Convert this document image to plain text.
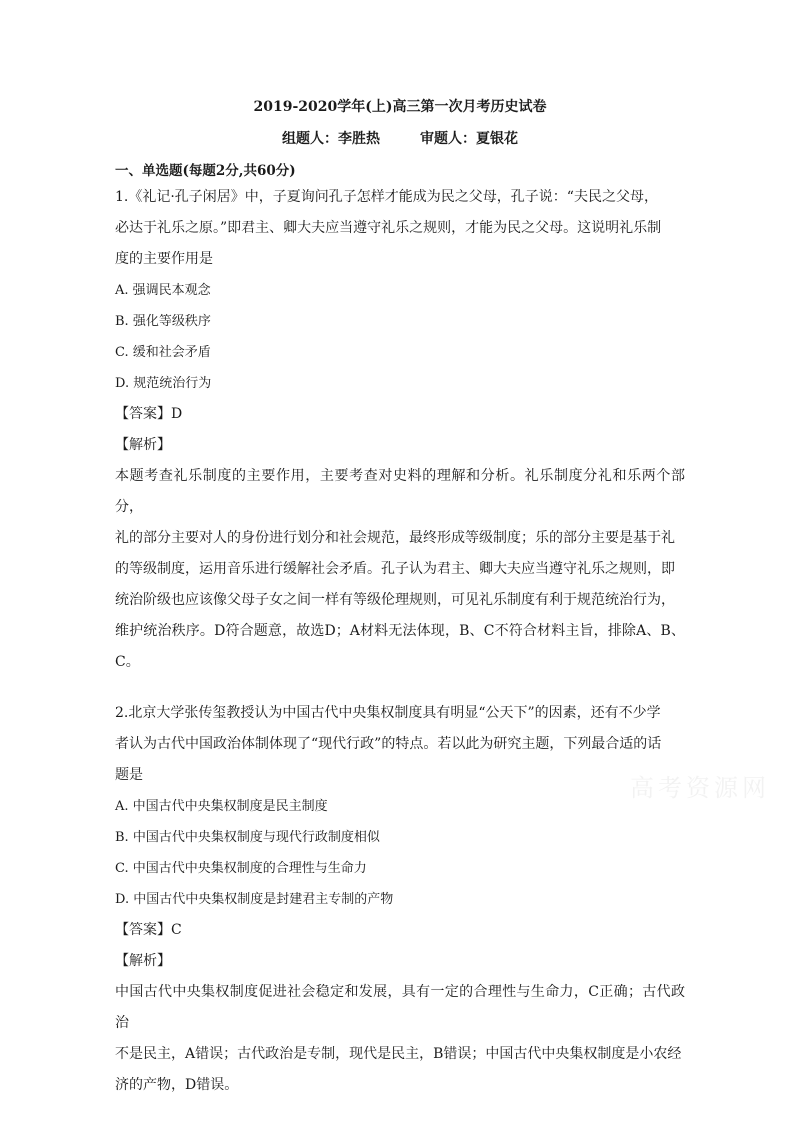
2019-2020学年(上)高三第一次月考历史试卷

组题人：李胜热	审题人：夏银花

一、单选题(每题2分,共60分)

1.《礼记·孔子闲居》中，子夏询问孔子怎样才能成为民之父母，孔子说：“夫民之父母，

必达于礼乐之原。”即君主、卿大夫应当遵守礼乐之规则，才能为民之父母。这说明礼乐制

度的主要作用是

A. 强调民本观念

B. 强化等级秩序

C. 缓和社会矛盾

D. 规范统治行为

【答案】D

【解析】

本题考查礼乐制度的主要作用，主要考查对史料的理解和分析。礼乐制度分礼和乐两个部分，

礼的部分主要对人的身份进行划分和社会规范，最终形成等级制度；乐的部分主要是基于礼

的等级制度，运用音乐进行缓解社会矛盾。孔子认为君主、卿大夫应当遵守礼乐之规则，即

统治阶级也应该像父母子女之间一样有等级伦理规则，可见礼乐制度有利于规范统治行为，

维护统治秩序。D符合题意，故选D；A材料无法体现，B、C不符合材料主旨，排除A、B、C。

2.北京大学张传玺教授认为中国古代中央集权制度具有明显“公天下”的因素，还有不少学

者认为古代中国政治体制体现了“现代行政”的特点。若以此为研究主题，下列最合适的话

题是

A. 中国古代中央集权制度是民主制度

B. 中国古代中央集权制度与现代行政制度相似

C. 中国古代中央集权制度的合理性与生命力

D. 中国古代中央集权制度是封建君主专制的产物

【答案】C

【解析】

中国古代中央集权制度促进社会稳定和发展，具有一定的合理性与生命力，C正确；古代政治

不是民主，A错误；古代政治是专制，现代是民主，B错误；中国古代中央集权制度是小农经

济的产物，D错误。

高考资源网
